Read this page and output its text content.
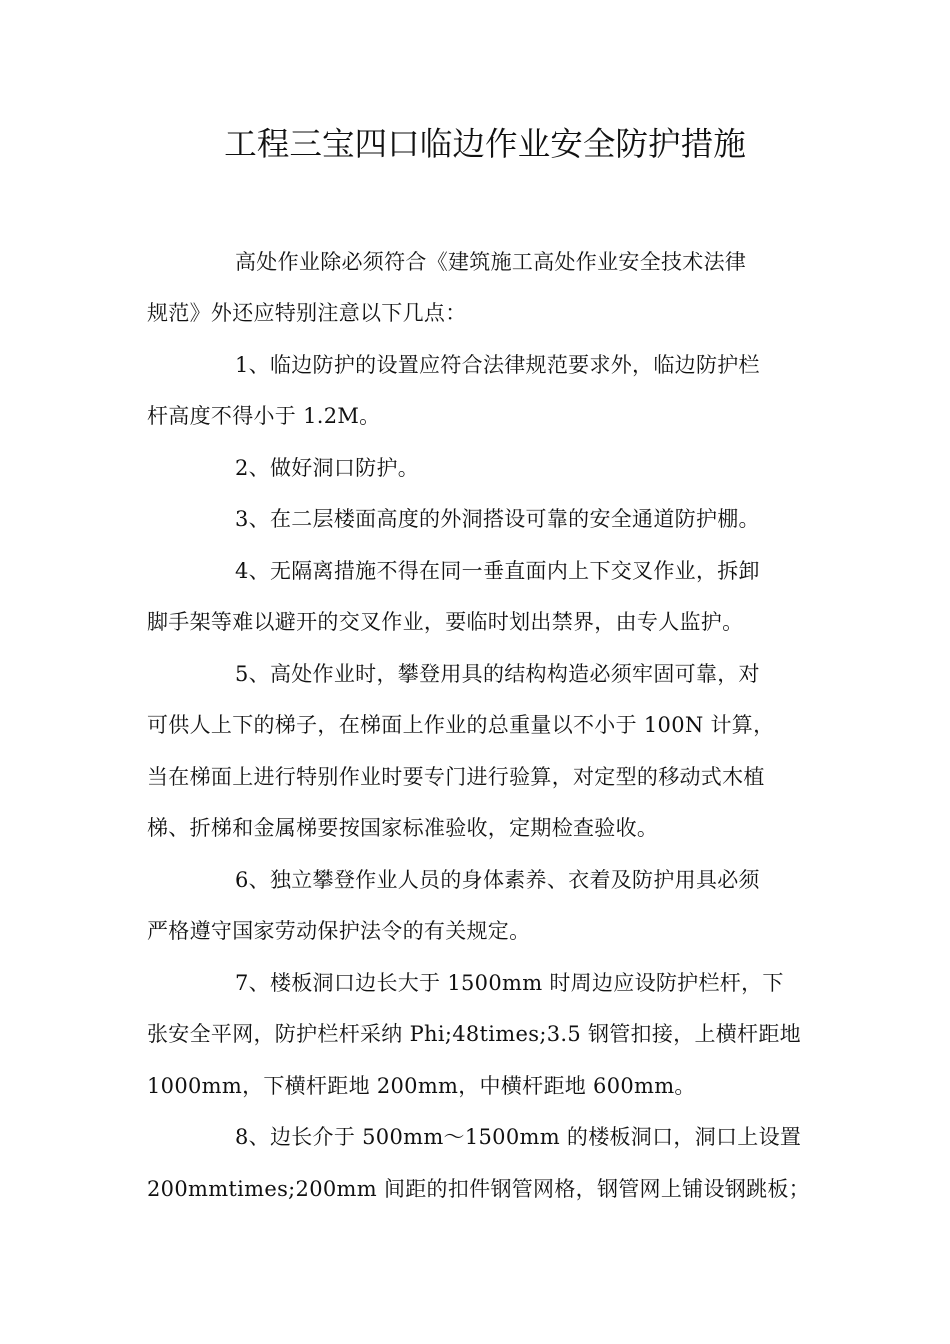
工程三宝四口临边作业安全防护措施
高处作业除必须符合《建筑施工高处作业安全技术法律
规范》外还应特别注意以下几点：
1、临边防护的设置应符合法律规范要求外，临边防护栏
杆高度不得小于 1.2M。
2、做好洞口防护。
3、在二层楼面高度的外洞搭设可靠的安全通道防护棚。
4、无隔离措施不得在同一垂直面内上下交叉作业，拆卸
脚手架等难以避开的交叉作业，要临时划出禁界，由专人监护。
5、高处作业时，攀登用具的结构构造必须牢固可靠，对
可供人上下的梯子，在梯面上作业的总重量以不小于 100N 计算，
当在梯面上进行特别作业时要专门进行验算，对定型的移动式木植
梯、折梯和金属梯要按国家标准验收，定期检查验收。
6、独立攀登作业人员的身体素养、衣着及防护用具必须
严格遵守国家劳动保护法令的有关规定。
7、楼板洞口边长大于 1500mm 时周边应设防护栏杆，下
张安全平网，防护栏杆采纳 Phi;48times;3.5 钢管扣接，上横杆距地
1000mm，下横杆距地 200mm，中横杆距地 600mm。
8、边长介于 500mm～1500mm 的楼板洞口，洞口上设置
200mmtimes;200mm 间距的扣件钢管网格，钢管网上铺设钢跳板；
